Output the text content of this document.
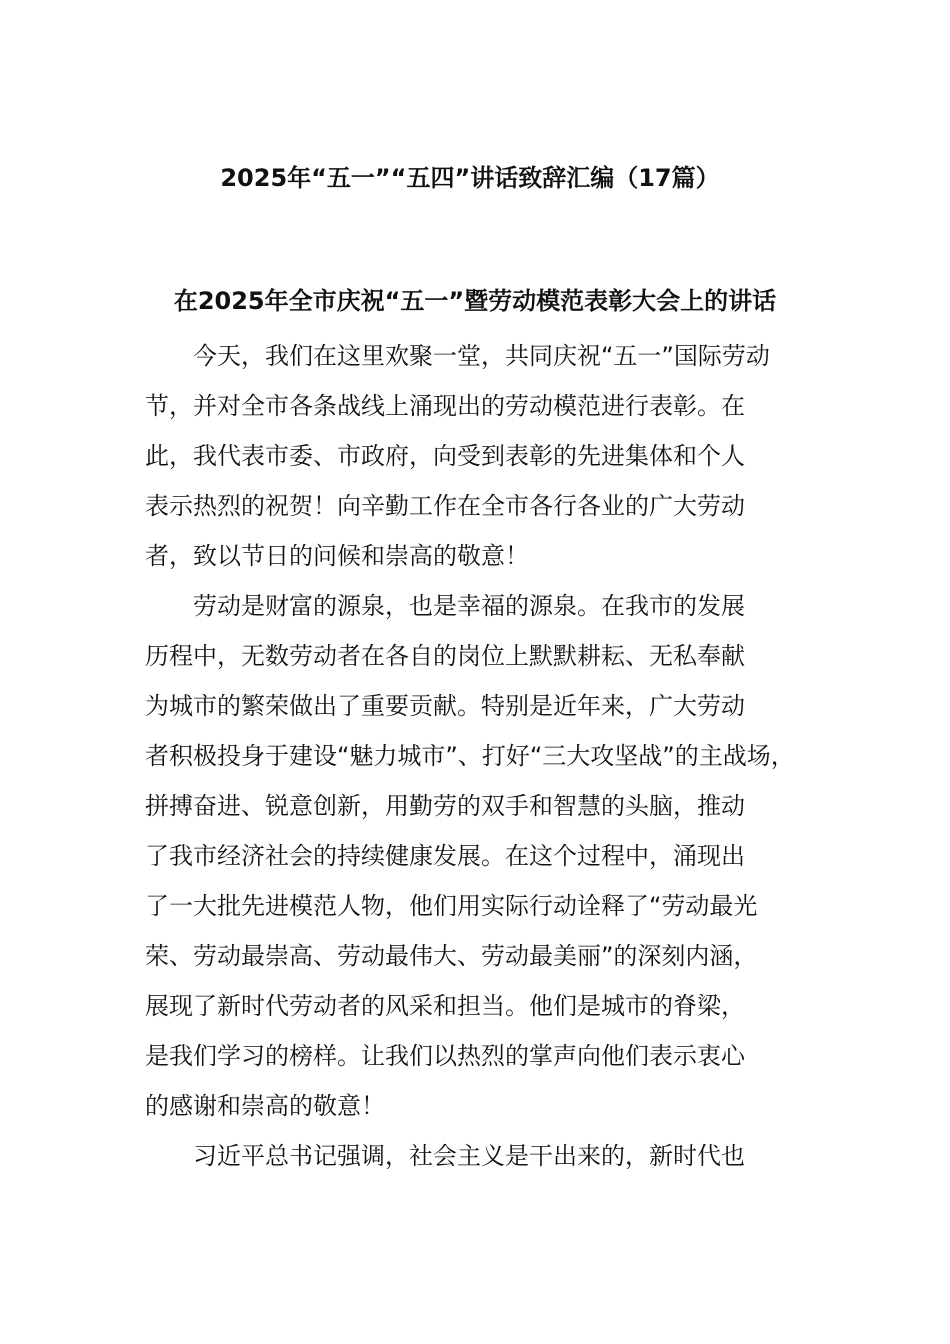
2025年“五一”“五四”讲话致辞汇编（17篇）
在2025年全市庆祝“五一”暨劳动模范表彰大会上的讲话
今天，我们在这里欢聚一堂，共同庆祝“五一”国际劳动
节，并对全市各条战线上涌现出的劳动模范进行表彰。在
此，我代表市委、市政府，向受到表彰的先进集体和个人
表示热烈的祝贺！向辛勤工作在全市各行各业的广大劳动
者，致以节日的问候和崇高的敬意！
劳动是财富的源泉，也是幸福的源泉。在我市的发展
历程中，无数劳动者在各自的岗位上默默耕耘、无私奉献
为城市的繁荣做出了重要贡献。特别是近年来，广大劳动
者积极投身于建设“魅力城市”、打好“三大攻坚战”的主战场，
拼搏奋进、锐意创新，用勤劳的双手和智慧的头脑，推动
了我市经济社会的持续健康发展。在这个过程中，涌现出
了一大批先进模范人物，他们用实际行动诠释了“劳动最光
荣、劳动最崇高、劳动最伟大、劳动最美丽”的深刻内涵，
展现了新时代劳动者的风采和担当。他们是城市的脊梁，
是我们学习的榜样。让我们以热烈的掌声向他们表示衷心
的感谢和崇高的敬意！
习近平总书记强调，社会主义是干出来的，新时代也
